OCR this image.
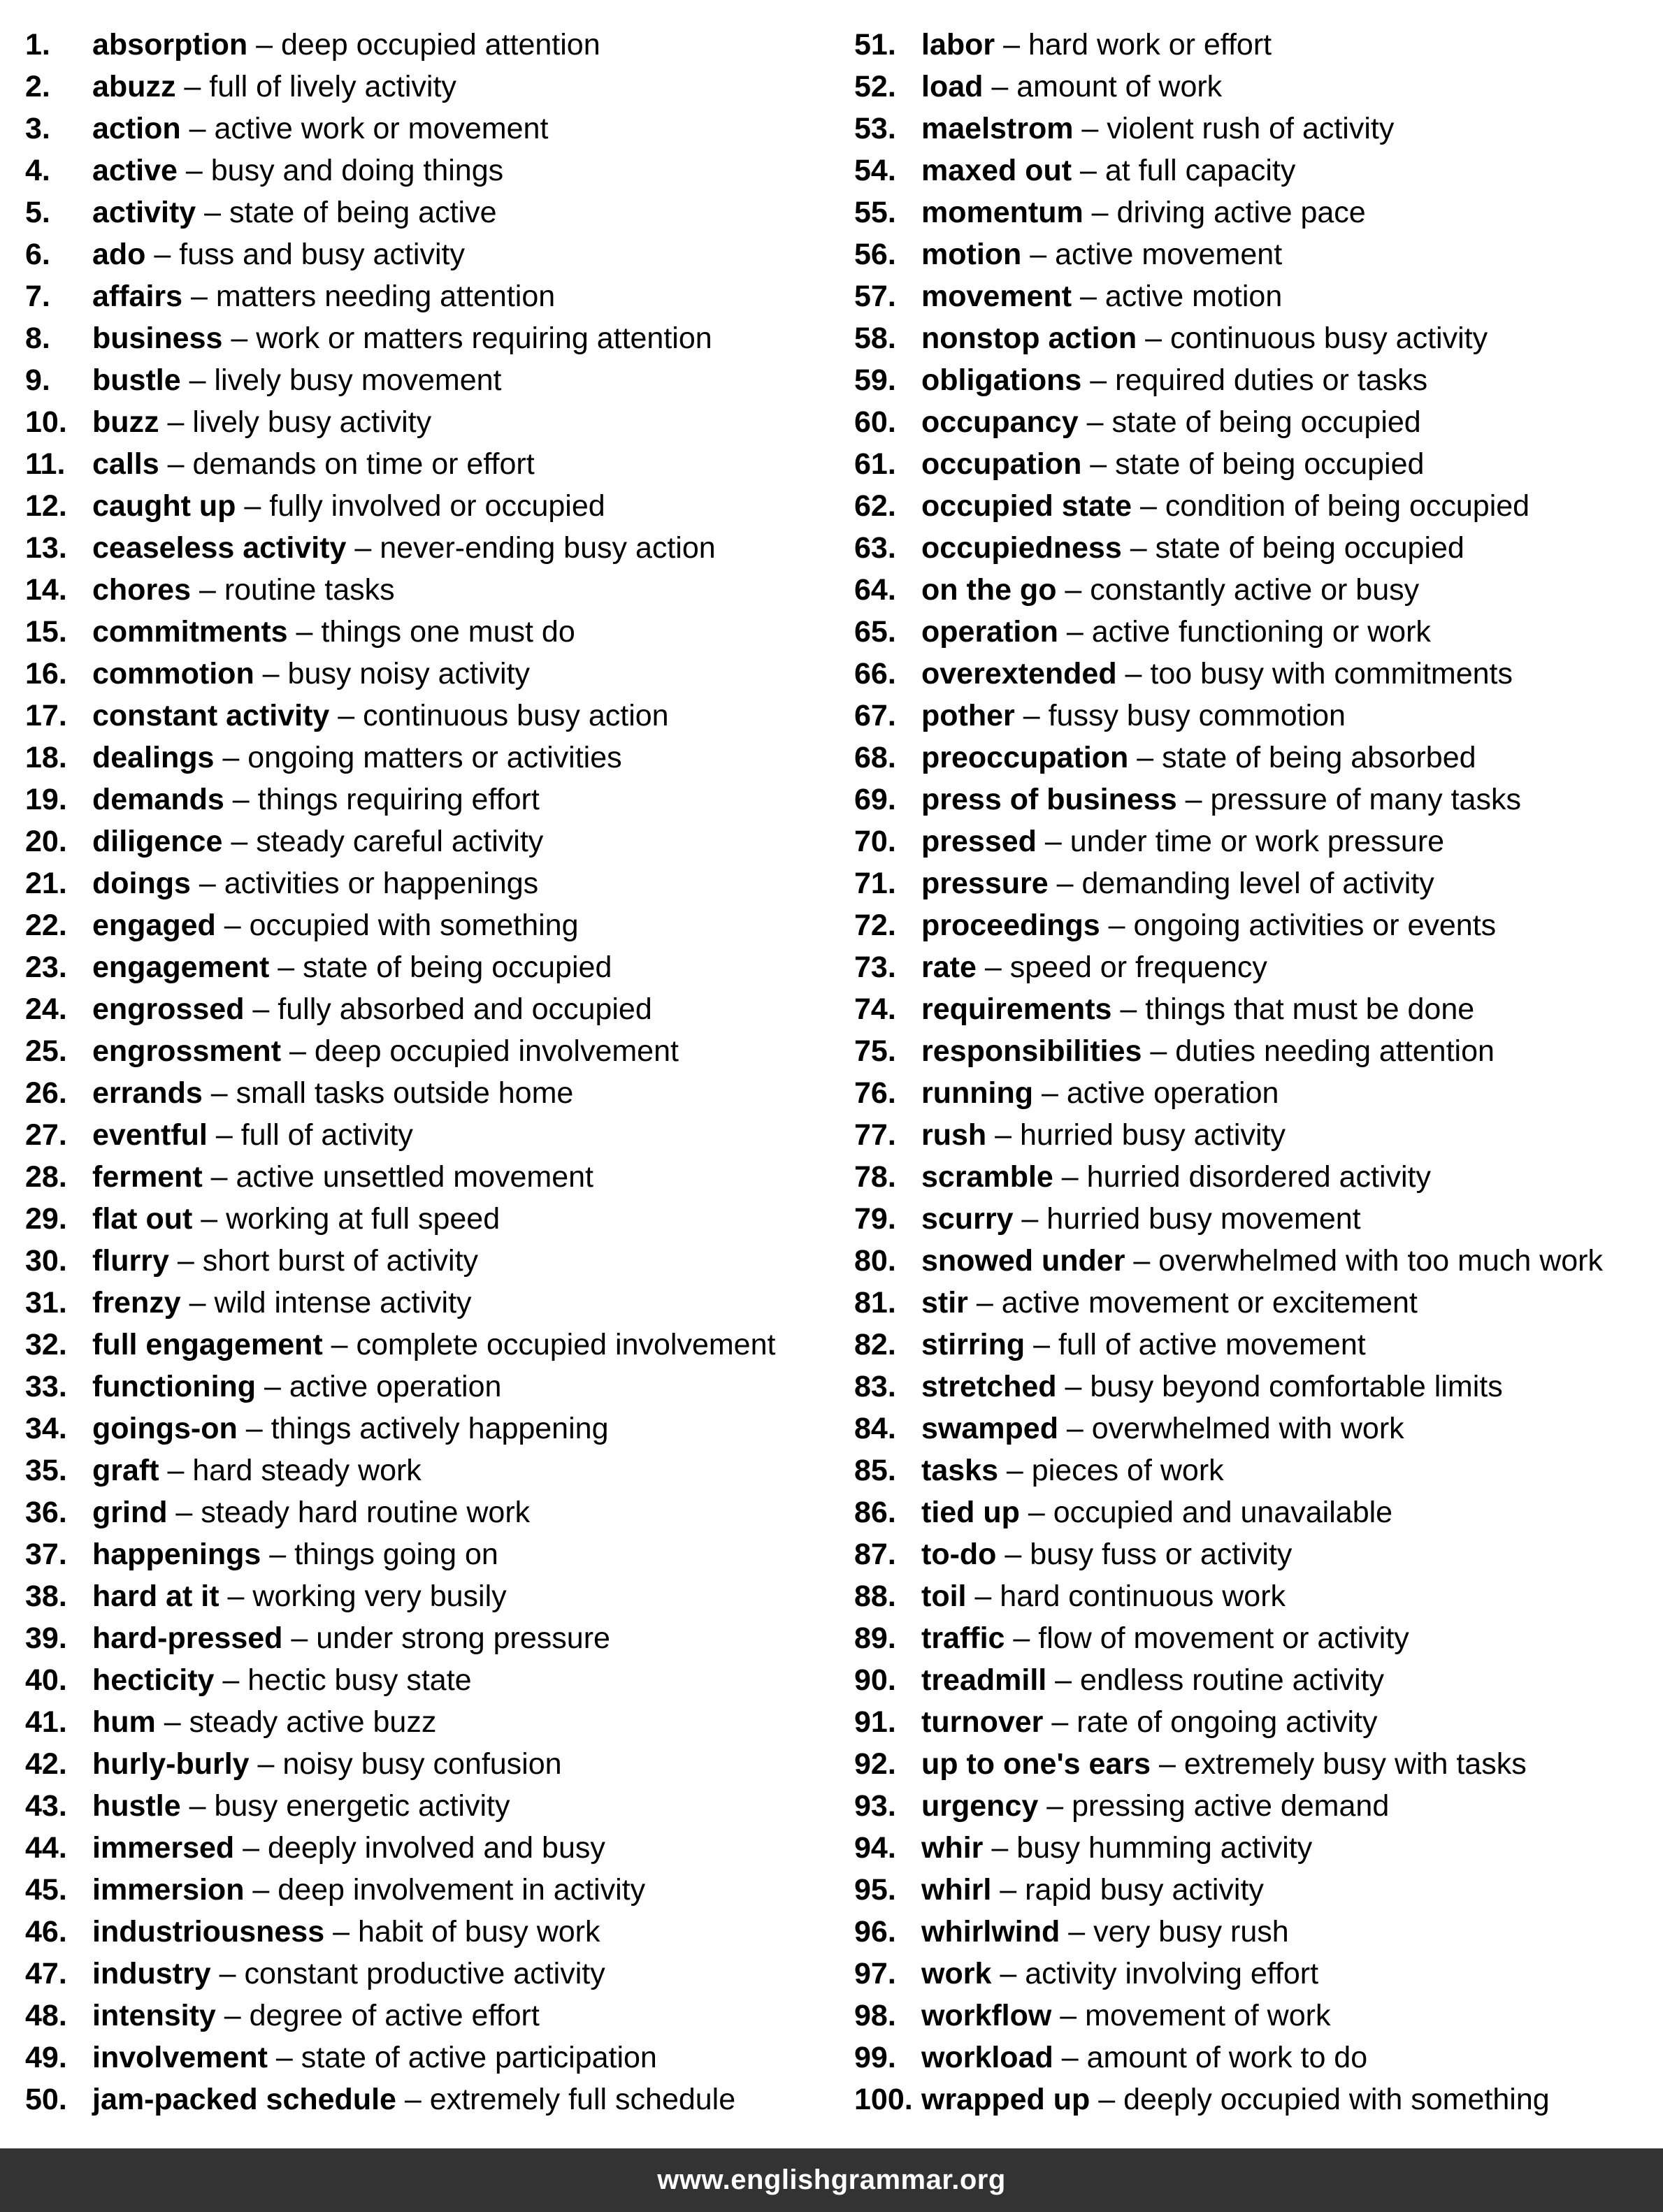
1. absorption – deep occupied attention
2. abuzz – full of lively activity
3. action – active work or movement
4. active – busy and doing things
5. activity – state of being active
6. ado – fuss and busy activity
7. affairs – matters needing attention
8. business – work or matters requiring attention
9. bustle – lively busy movement
10. buzz – lively busy activity
11. calls – demands on time or effort
12. caught up – fully involved or occupied
13. ceaseless activity – never-ending busy action
14. chores – routine tasks
15. commitments – things one must do
16. commotion – busy noisy activity
17. constant activity – continuous busy action
18. dealings – ongoing matters or activities
19. demands – things requiring effort
20. diligence – steady careful activity
21. doings – activities or happenings
22. engaged – occupied with something
23. engagement – state of being occupied
24. engrossed – fully absorbed and occupied
25. engrossment – deep occupied involvement
26. errands – small tasks outside home
27. eventful – full of activity
28. ferment – active unsettled movement
29. flat out – working at full speed
30. flurry – short burst of activity
31. frenzy – wild intense activity
32. full engagement – complete occupied involvement
33. functioning – active operation
34. goings-on – things actively happening
35. graft – hard steady work
36. grind – steady hard routine work
37. happenings – things going on
38. hard at it – working very busily
39. hard-pressed – under strong pressure
40. hecticity – hectic busy state
41. hum – steady active buzz
42. hurly-burly – noisy busy confusion
43. hustle – busy energetic activity
44. immersed – deeply involved and busy
45. immersion – deep involvement in activity
46. industriousness – habit of busy work
47. industry – constant productive activity
48. intensity – degree of active effort
49. involvement – state of active participation
50. jam-packed schedule – extremely full schedule
51. labor – hard work or effort
52. load – amount of work
53. maelstrom – violent rush of activity
54. maxed out – at full capacity
55. momentum – driving active pace
56. motion – active movement
57. movement – active motion
58. nonstop action – continuous busy activity
59. obligations – required duties or tasks
60. occupancy – state of being occupied
61. occupation – state of being occupied
62. occupied state – condition of being occupied
63. occupiedness – state of being occupied
64. on the go – constantly active or busy
65. operation – active functioning or work
66. overextended – too busy with commitments
67. pother – fussy busy commotion
68. preoccupation – state of being absorbed
69. press of business – pressure of many tasks
70. pressed – under time or work pressure
71. pressure – demanding level of activity
72. proceedings – ongoing activities or events
73. rate – speed or frequency
74. requirements – things that must be done
75. responsibilities – duties needing attention
76. running – active operation
77. rush – hurried busy activity
78. scramble – hurried disordered activity
79. scurry – hurried busy movement
80. snowed under – overwhelmed with too much work
81. stir – active movement or excitement
82. stirring – full of active movement
83. stretched – busy beyond comfortable limits
84. swamped – overwhelmed with work
85. tasks – pieces of work
86. tied up – occupied and unavailable
87. to-do – busy fuss or activity
88. toil – hard continuous work
89. traffic – flow of movement or activity
90. treadmill – endless routine activity
91. turnover – rate of ongoing activity
92. up to one's ears – extremely busy with tasks
93. urgency – pressing active demand
94. whir – busy humming activity
95. whirl – rapid busy activity
96. whirlwind – very busy rush
97. work – activity involving effort
98. workflow – movement of work
99. workload – amount of work to do
100. wrapped up – deeply occupied with something
www.englishgrammar.org
